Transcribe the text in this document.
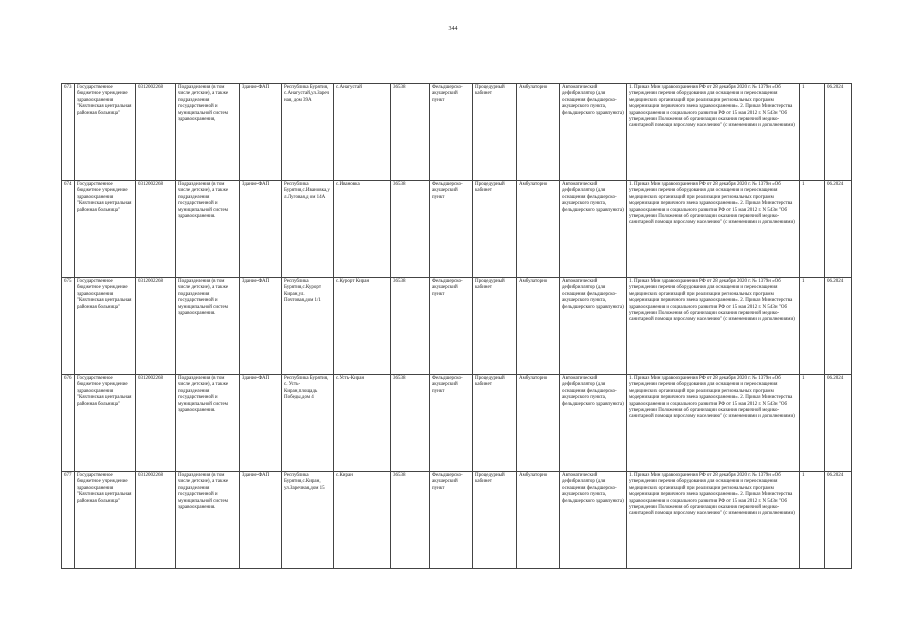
344
673	Государственное бюджетное учреждение здравоохранения "Кяхтинская центральная районная больница"	0312002268	Подразделения (в том числе детские), а также подразделения государственной и муниципальной систем здравоохранения,	Здание-ФАП	Республика Бурятия, с.Анагустай,ул.Заречная, дом 39А	с.Анагустай	36538	Фельдшерско-акушерский пункт	Процедурный кабинет	Амбулаторно	Автоматический дефибриллятор (для оснащения фельдшерско-акушерского пункта, фельдшерского здравпункта)	1. Приказ Мин здравоохранения РФ от 28 декабря 2020 г. № 1379н «Об утверждении перечня оборудования для оснащения и переоснащения медицинских организаций при реализации региональных программ модернизации первичного звена здравоохранения». 2. Приказ Министерства здравоохранения и социального развития РФ от 15 мая 2012 г. N 543н "Об утверждении Положения об организации оказания первичной медико-санитарной помощи взрослому населению" (с изменениями и дополнениями)	1	06.2024
674	Государственное бюджетное учреждение здравоохранения "Кяхтинская центральная районная больница"	0312002268	Подразделения (в том числе детские), а также подразделения государственной и муниципальной систем здравоохранения.	Здание-ФАП	Республика Бурятия,с.Ивановка,ул.Луговая,д ом 14А	с.Ивановка	36538	Фельдшерско-акушерский пункт	Процедурный кабинет	Амбулаторно	Автоматический дефибриллятор (для оснащения фельдшерско-акушерского пункта, фельдшерского здравпункта)	1. Приказ Мин здравоохранения РФ от 28 декабря 2020 г. № 1379н «Об утверждении перечня оборудования для оснащения и переоснащения медицинских организаций при реализации региональных программ модернизации первичного звена здравоохранения». 2. Приказ Министерства здравоохранения и социального развития РФ от 15 мая 2012 г. N 543н "Об утверждении Положения об организации оказания первичной медико-санитарной помощи взрослому населению" (с изменениями и дополнениями)	1	06.2024
675	Государственное бюджетное учреждение здравоохранения "Кяхтинская центральная районная больница"	0312002268	Подразделения (в том числе детские), а также подразделения государственной и муниципальной систем здравоохранения.	Здание-ФАП	Республика Бурятия,с.Курорт Киран,ул. Почтовая,дом 1/1	с.Курорт Киран	36538	Фельдшерско-акушерский пункт	Процедурный кабинет	Амбулаторно	Автоматический дефибриллятор (для оснащения фельдшерско-акушерского пункта, фельдшерского здравпункта)	1. Приказ Мин здравоохранения РФ от 28 декабря 2020 г. № 1379н «Об утверждении перечня оборудования для оснащения и переоснащения медицинских организаций при реализации региональных программ модернизации первичного звена здравоохранения». 2. Приказ Министерства здравоохранения и социального развития РФ от 15 мая 2012 г. N 543н "Об утверждении Положения об организации оказания первичной медико-санитарной помощи взрослому населению" (с изменениями и дополнениями)	1	06.2024
676	Государственное бюджетное учреждение здравоохранения "Кяхтинская центральная районная больница"	0312002268	Подразделения (в том числе детские), а также подразделения государственной и муниципальной систем здравоохранения.	Здание-ФАП	Республика Бурятия, с. Усть-Киран,площадь Победы,дом 4	с.Усть-Киран	36538	Фельдшерско-акушерский пункт	Процедурный кабинет	Амбулаторно	Автоматический дефибриллятор (для оснащения фельдшерско-акушерского пункта, фельдшерского здравпункта)	1. Приказ Мин здравоохранения РФ от 28 декабря 2020 г. № 1379н «Об утверждении перечня оборудования для оснащения и переоснащения медицинских организаций при реализации региональных программ модернизации первичного звена здравоохранения». 2. Приказ Министерства здравоохранения и социального развития РФ от 15 мая 2012 г. N 543н "Об утверждении Положения об организации оказания первичной медико-санитарной помощи взрослому населению" (с изменениями и дополнениями)	1	06.2024
677	Государственное бюджетное учреждение здравоохранения "Кяхтинская центральная районная больница"	0312002268	Подразделения (в том числе детские), а также подразделения государственной и муниципальной систем здравоохранения.	Здание-ФАП	Республика Бурятия,с.Киран, ул.Заречная,дом 15	с.Киран	36538	Фельдшерско-акушерский пункт	Процедурный кабинет	Амбулаторно	Автоматический дефибриллятор (для оснащения фельдшерско-акушерского пункта, фельдшерского здравпункта)	1. Приказ Мин здравоохранения РФ от 28 декабря 2020 г. № 1379н «Об утверждении перечня оборудования для оснащения и переоснащения медицинских организаций при реализации региональных программ модернизации первичного звена здравоохранения». 2. Приказ Министерства здравоохранения и социального развития РФ от 15 мая 2012 г. N 543н "Об утверждении Положения об организации оказания первичной медико-санитарной помощи взрослому населению" (с изменениями и дополнениями)	1	06.2024
